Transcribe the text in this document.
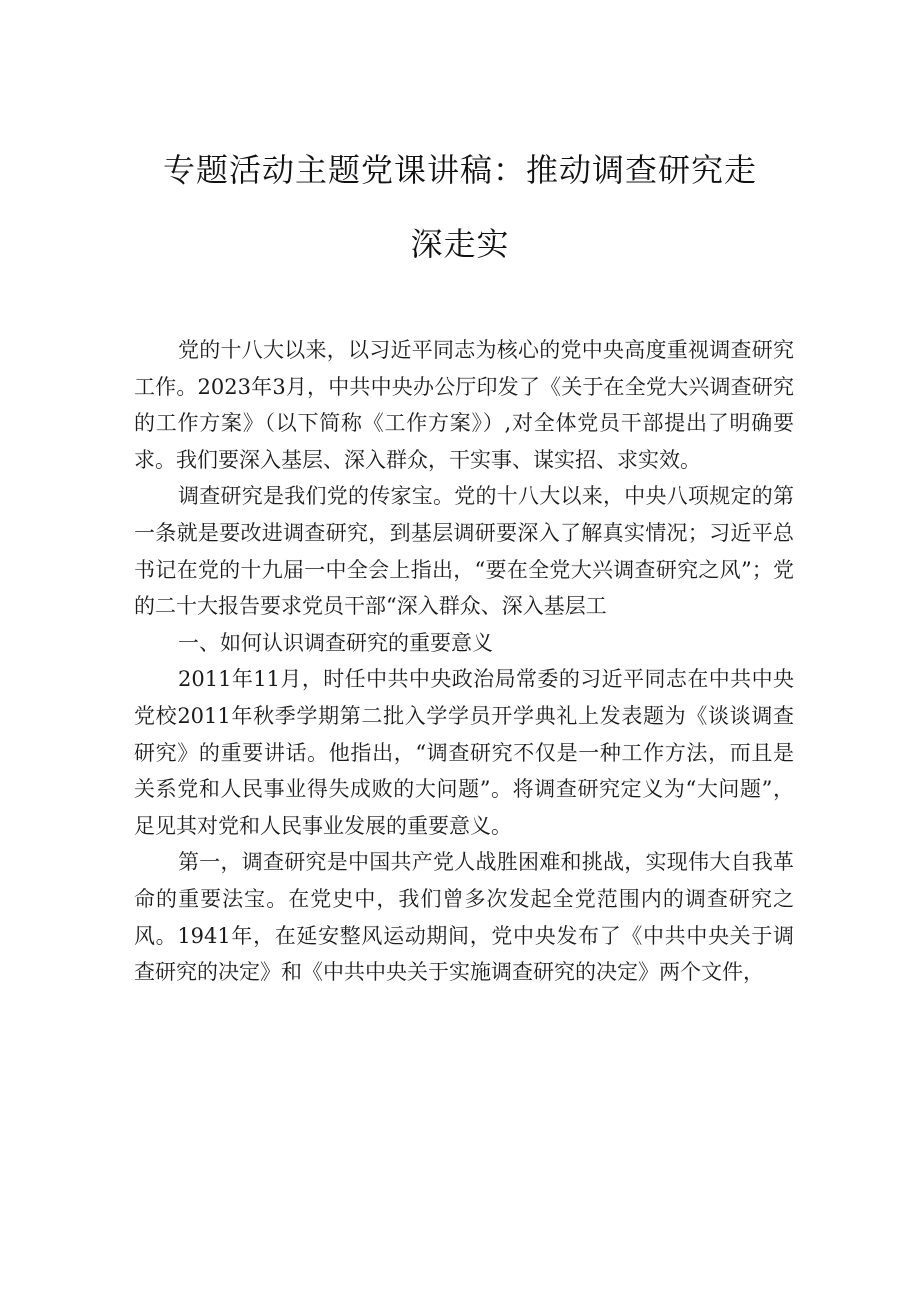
专题活动主题党课讲稿：推动调查研究走
深走实

党的十八大以来，以习近平同志为核心的党中央高度重视调查研究工作。2023年3月，中共中央办公厅印发了《关于在全党大兴调查研究的工作方案》（以下简称《工作方案》）,对全体党员干部提出了明确要求。我们要深入基层、深入群众，干实事、谋实招、求实效。

调查研究是我们党的传家宝。党的十八大以来，中央八项规定的第一条就是要改进调查研究，到基层调研要深入了解真实情况；习近平总书记在党的十九届一中全会上指出，“要在全党大兴调查研究之风”；党的二十大报告要求党员干部“深入群众、深入基层工

一、如何认识调查研究的重要意义

2011年11月，时任中共中央政治局常委的习近平同志在中共中央党校2011年秋季学期第二批入学学员开学典礼上发表题为《谈谈调查研究》的重要讲话。他指出，“调查研究不仅是一种工作方法，而且是关系党和人民事业得失成败的大问题”。将调查研究定义为“大问题”，足见其对党和人民事业发展的重要意义。

第一，调查研究是中国共产党人战胜困难和挑战，实现伟大自我革命的重要法宝。在党史中，我们曾多次发起全党范围内的调查研究之风。1941年，在延安整风运动期间，党中央发布了《中共中央关于调查研究的决定》和《中共中央关于实施调查研究的决定》两个文件，
